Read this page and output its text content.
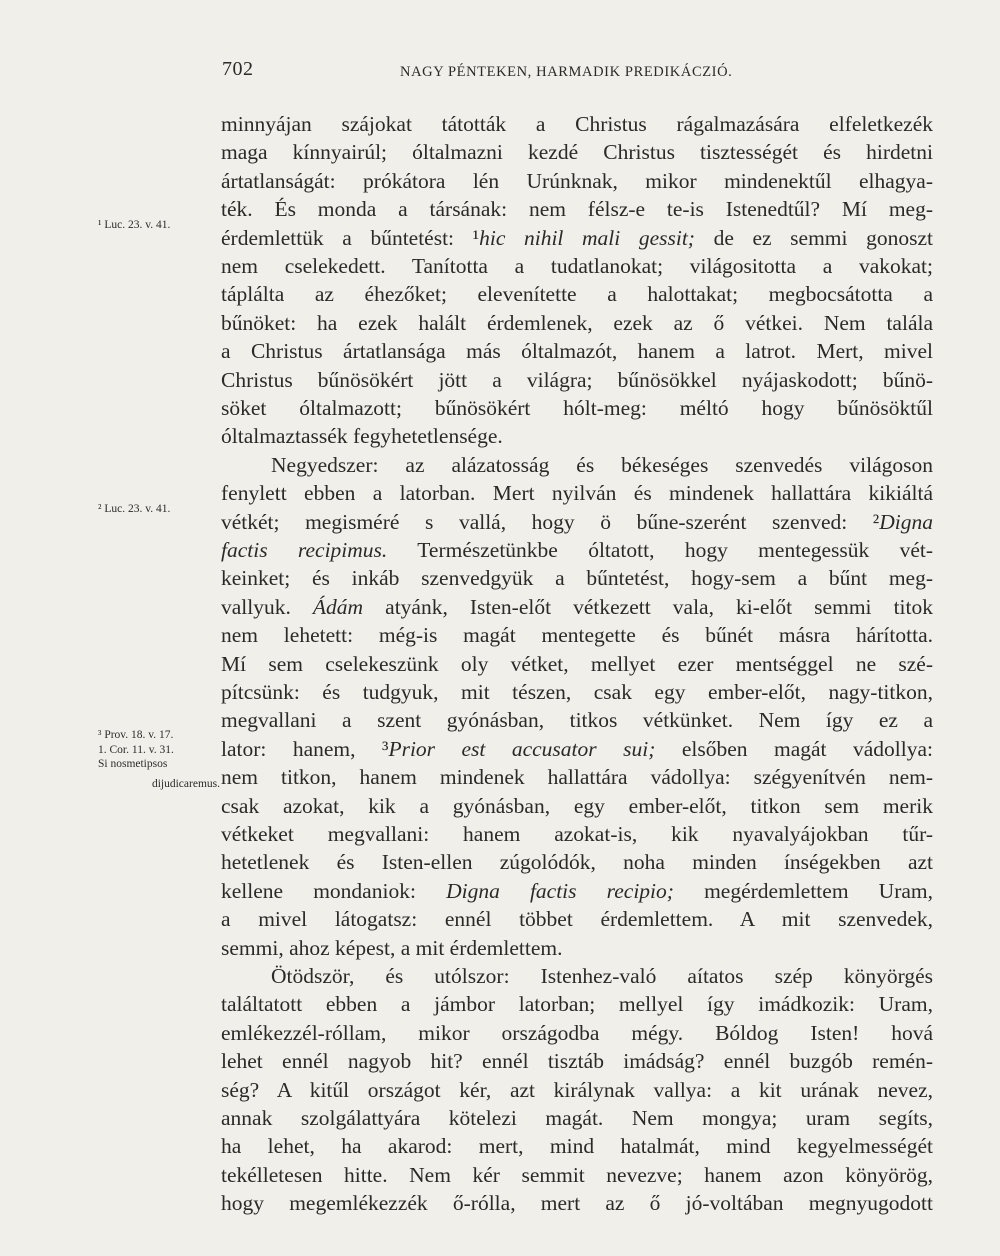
702	NAGY PÉNTEKEN, HARMADIK PREDIKÁCZIÓ.
minnyájan szájokat tátották a Christus rágalmazására elfeletkezék
maga kínnyairúl; óltalmazni kezdé Christus tisztességét és hirdetni
ártatlanságát: prókátora lén Urúnknak, mikor mindenektűl elhagya-
ték. És monda a társának: nem félsz-e te-is Istenedtűl? Mí meg-
érdemlettük a bűntetést: ¹hic nihil mali gessit; de ez semmi gonoszt
nem cselekedett. Tanította a tudatlanokat; világositotta a vakokat;
táplálta az éhezőket; elevenítette a halottakat; megbocsátotta a
bűnöket: ha ezek halált érdemlenek, ezek az ő vétkei. Nem talála
a Christus ártatlansága más óltalmazót, hanem a latrot. Mert, mivel
Christus bűnösökért jött a világra; bűnösökkel nyájaskodott; bűnö-
söket óltalmazott; bűnösökért hólt-meg: méltó hogy bűnösöktűl
óltalmaztassék fegyhetetlensége.
Negyedszer: az alázatosság és békeséges szenvedés világoson
fenylett ebben a latorban. Mert nyilván és mindenek hallattára kikiáltá
vétkét; megisméré s vallá, hogy ö bűne-szerént szenved: ²Digna
factis recipimus. Természetünkbe óltatott, hogy mentegessük vét-
keinket; és inkáb szenvedgyük a bűntetést, hogy-sem a bűnt meg-
vallyuk. Ádám atyánk, Isten-előt vétkezett vala, ki-előt semmi titok
nem lehetett: még-is magát mentegette és bűnét másra hárította.
Mí sem cselekeszünk oly vétket, mellyet ezer mentséggel ne szé-
pítcsünk: és tudgyuk, mit tészen, csak egy ember-előt, nagy-titkon,
megvallani a szent gyónásban, titkos vétkünket. Nem így ez a
lator: hanem, ³Prior est accusator sui; elsőben magát vádollya:
nem titkon, hanem mindenek hallattára vádollya: szégyenítvén nem-
csak azokat, kik a gyónásban, egy ember-előt, titkon sem merik
vétkeket megvallani: hanem azokat-is, kik nyavalyájokban tűr-
hetetlenek és Isten-ellen zúgolódók, noha minden ínségekben azt
kellene mondaniok: Digna factis recipio; megérdemlettem Uram,
a mivel látogatsz: ennél többet érdemlettem. A mit szenvedek,
semmi, ahoz képest, a mit érdemlettem.
Ötödször, és utólszor: Istenhez-való aítatos szép könyörgés
találtatott ebben a jámbor latorban; mellyel így imádkozik: Uram,
emlékezzél-róllam, mikor országodba mégy. Bóldog Isten! hová
lehet ennél nagyob hit? ennél tisztáb imádság? ennél buzgób remén-
ség? A kitűl országot kér, azt királynak vallya: a kit urának nevez,
annak szolgálattyára kötelezi magát. Nem mongya; uram segíts,
ha lehet, ha akarod: mert, mind hatalmát, mind kegyelmességét
tekélletesen hitte. Nem kér semmit nevezve; hanem azon könyörög,
hogy megemlékezzék ő-rólla, mert az ő jó-voltában megnyugodott
¹ Luc. 23. v. 41.
² Luc. 23. v. 41.
³ Prov. 18. v. 17.
1. Cor. 11. v. 31.
Si nosmetipsos
dijudicaremus.
